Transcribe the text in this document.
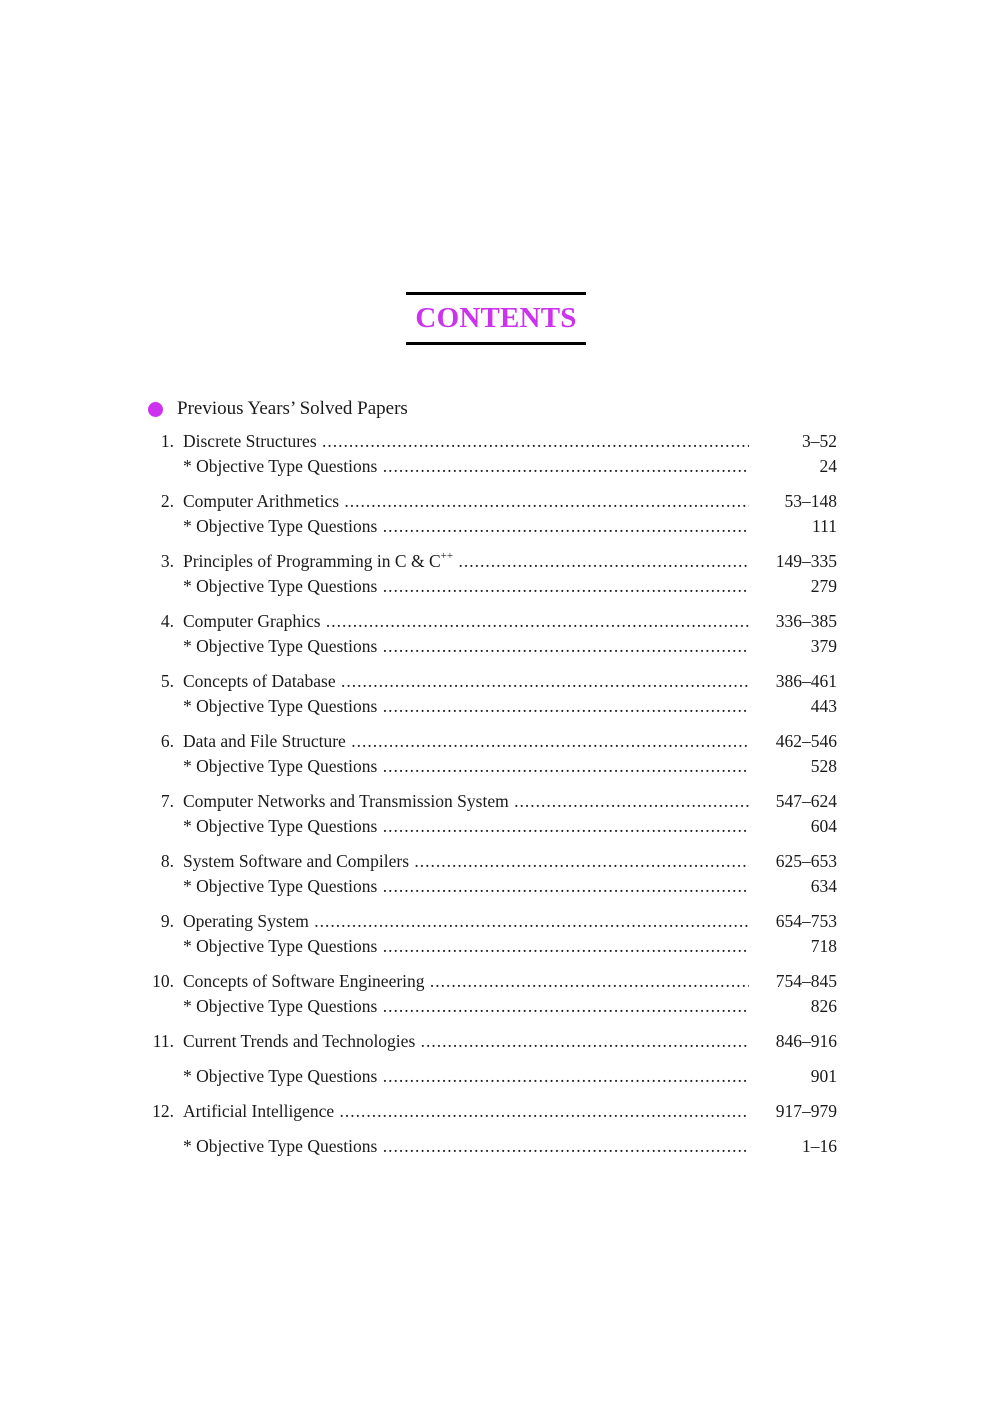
CONTENTS
Previous Years’ Solved Papers
1. Discrete Structures .....	3–52
* Objective Type Questions .....	24
2. Computer Arithmetics .....	53–148
* Objective Type Questions .....	111
3. Principles of Programming in C & C++ .....	149–335
* Objective Type Questions .....	279
4. Computer Graphics .....	336–385
* Objective Type Questions .....	379
5. Concepts of Database .....	386–461
* Objective Type Questions .....	443
6. Data and File Structure .....	462–546
* Objective Type Questions .....	528
7. Computer Networks and Transmission System .....	547–624
* Objective Type Questions .....	604
8. System Software and Compilers .....	625–653
* Objective Type Questions .....	634
9. Operating System .....	654–753
* Objective Type Questions .....	718
10. Concepts of Software Engineering .....	754–845
* Objective Type Questions .....	826
11. Current Trends and Technologies .....	846–916
* Objective Type Questions .....	901
12. Artificial Intelligence .....	917–979
* Objective Type Questions .....	1–16
